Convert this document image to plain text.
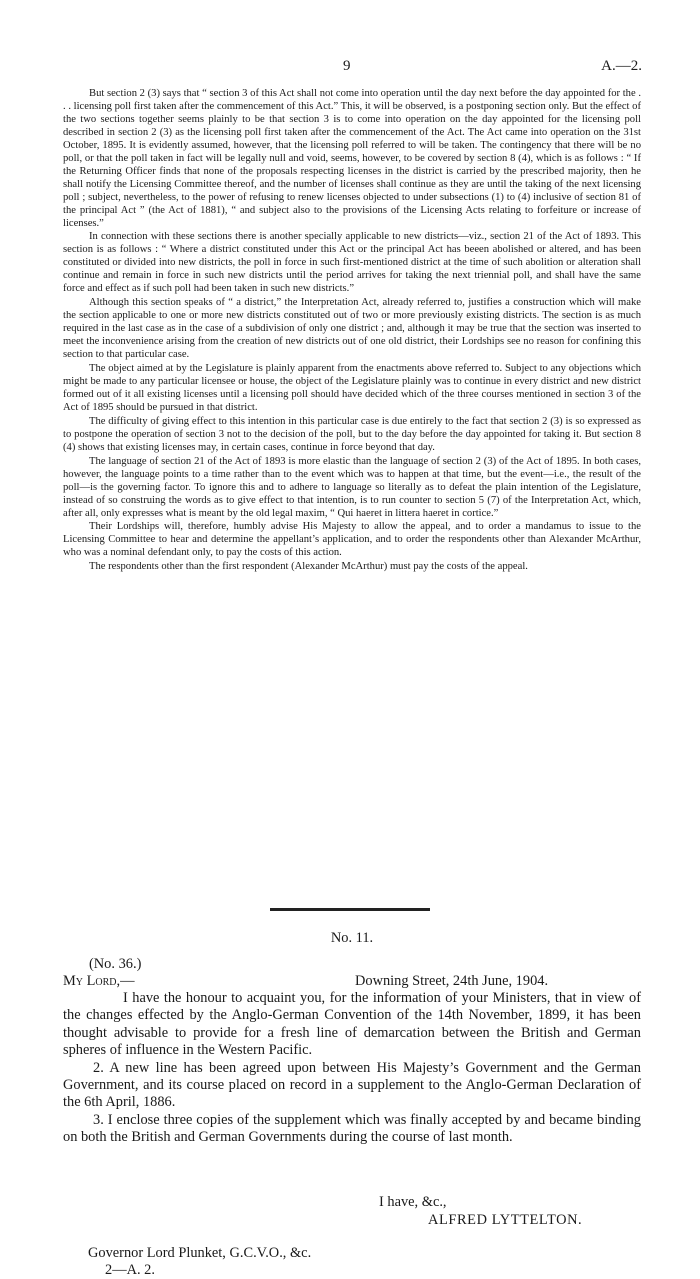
9	A.—2.

But section 2 (3) says that “ section 3 of this Act shall not come into operation until the day next before the day appointed for the . . . licensing poll first taken after the commencement of this Act.” This, it will be observed, is a postponing section only. But the effect of the two sections together seems plainly to be that section 3 is to come into operation on the day appointed for the licensing poll described in section 2 (3) as the licensing poll first taken after the commencement of the Act. The Act came into operation on the 31st October, 1895. It is evidently assumed, however, that the licensing poll referred to will be taken. The contingency that there will be no poll, or that the poll taken in fact will be legally null and void, seems, however, to be covered by section 8 (4), which is as follows : “ If the Returning Officer finds that none of the proposals respecting licenses in the district is carried by the prescribed majority, then he shall notify the Licensing Committee thereof, and the number of licenses shall continue as they are until the taking of the next licensing poll ; subject, nevertheless, to the power of refusing to renew licenses objected to under subsections (1) to (4) inclusive of section 81 of the principal Act ” (the Act of 1881), “ and subject also to the provisions of the Licensing Acts relating to forfeiture or increase of licenses.”

In connection with these sections there is another specially applicable to new districts—viz., section 21 of the Act of 1893. This section is as follows : “ Where a district constituted under this Act or the principal Act has beeen abolished or altered, and has been constituted or divided into new districts, the poll in force in such first-mentioned district at the time of such abolition or alteration shall continue and remain in force in such new districts until the period arrives for taking the next triennial poll, and shall have the same force and effect as if such poll had been taken in such new districts.”

Although this section speaks of “ a district,” the Interpretation Act, already referred to, justifies a construction which will make the section applicable to one or more new districts constituted out of two or more previously existing districts. The section is as much required in the last case as in the case of a subdivision of only one district ; and, although it may be true that the section was inserted to meet the inconvenience arising from the creation of new districts out of one old district, their Lordships see no reason for confining this section to that particular case.

The object aimed at by the Legislature is plainly apparent from the enactments above referred to. Subject to any objections which might be made to any particular licensee or house, the object of the Legislature plainly was to continue in every district and new district formed out of it all existing licenses until a licensing poll should have decided which of the three courses mentioned in section 3 of the Act of 1895 should be pursued in that district.

The difficulty of giving effect to this intention in this particular case is due entirely to the fact that section 2 (3) is so expressed as to postpone the operation of section 3 not to the decision of the poll, but to the day before the day appointed for taking it. But section 8 (4) shows that existing licenses may, in certain cases, continue in force beyond that day.

The language of section 21 of the Act of 1893 is more elastic than the language of section 2 (3) of the Act of 1895. In both cases, however, the language points to a time rather than to the event which was to happen at that time, but the event—i.e., the result of the poll—is the governing factor. To ignore this and to adhere to language so literally as to defeat the plain intention of the Legislature, instead of so construing the words as to give effect to that intention, is to run counter to section 5 (7) of the Interpretation Act, which, after all, only expresses what is meant by the old legal maxim, “ Qui haeret in littera haeret in cortice.”

Their Lordships will, therefore, humbly advise His Majesty to allow the appeal, and to order a mandamus to issue to the Licensing Committee to hear and determine the appellant’s application, and to order the respondents other than Alexander McArthur, who was a nominal defendant only, to pay the costs of this action.

The respondents other than the first respondent (Alexander McArthur) must pay the costs of the appeal.

No. 11.
(No. 36.)
My Lord,—	Downing Street, 24th June, 1904.

I have the honour to acquaint you, for the information of your Ministers, that in view of the changes effected by the Anglo-German Convention of the 14th November, 1899, it has been thought advisable to provide for a fresh line of demarcation between the British and German spheres of influence in the Western Pacific.

2. A new line has been agreed upon between His Majesty’s Government and the German Government, and its course placed on record in a supplement to the Anglo-German Declaration of the 6th April, 1886.

3. I enclose three copies of the supplement which was finally accepted by and became binding on both the British and German Governments during the course of last month.

I have, &c.,
ALFRED LYTTELTON.
Governor Lord Plunket, G.C.V.O., &c.
2—A. 2.
